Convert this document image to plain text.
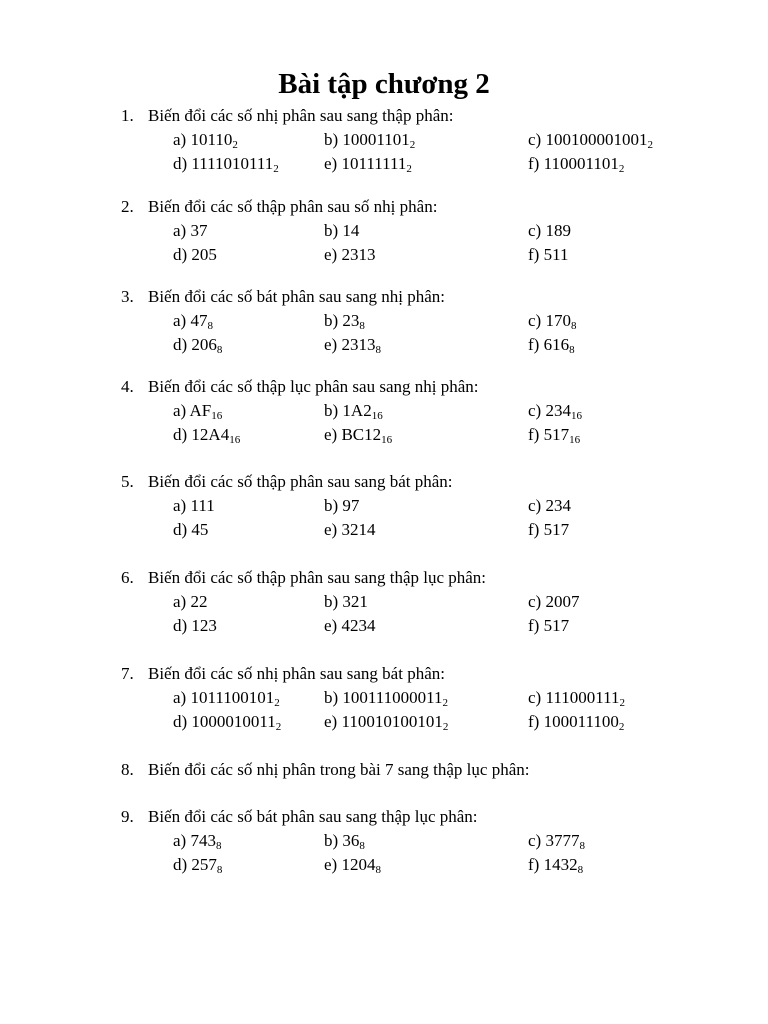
Bài tập chương 2
1. Biến đổi các số nhị phân sau sang thập phân:
a) $10110_2$	b) $10001101_2$	c) $100100001001_2$
d) $1111010111_2$	e) $10111111_2$	f) $110001101_2$
2. Biến đổi các số thập phân sau số nhị phân:
a) 37	b) 14	c) 189
d) 205	e) 2313	f) 511
3. Biến đổi các số bát phân sau sang nhị phân:
a) $47_8$	b) $23_8$	c) $170_8$
d) $206_8$	e) $2313_8$	f) $616_8$
4. Biến đổi các số thập lục phân sau sang nhị phân:
a) $AF_{16}$	b) $1A2_{16}$	c) $234_{16}$
d) $12A4_{16}$	e) $BC12_{16}$	f) $517_{16}$
5. Biến đổi các số thập phân sau sang bát phân:
a) 111	b) 97	c) 234
d) 45	e) 3214	f) 517
6. Biến đổi các số thập phân sau sang thập lục phân:
a) 22	b) 321	c) 2007
d) 123	e) 4234	f) 517
7. Biến đổi các số nhị phân sau sang bát phân:
a) $1011100101_2$	b) $100111000011_2$	c) $111000111_2$
d) $1000010011_2$	e) $110010100101_2$	f) $100011100_2$
8. Biến đổi các số nhị phân trong bài 7 sang thập lục phân:
9. Biến đổi các số bát phân sau sang thập lục phân:
a) $743_8$	b) $36_8$	c) $3777_8$
d) $257_8$	e) $1204_8$	f) $1432_8$
